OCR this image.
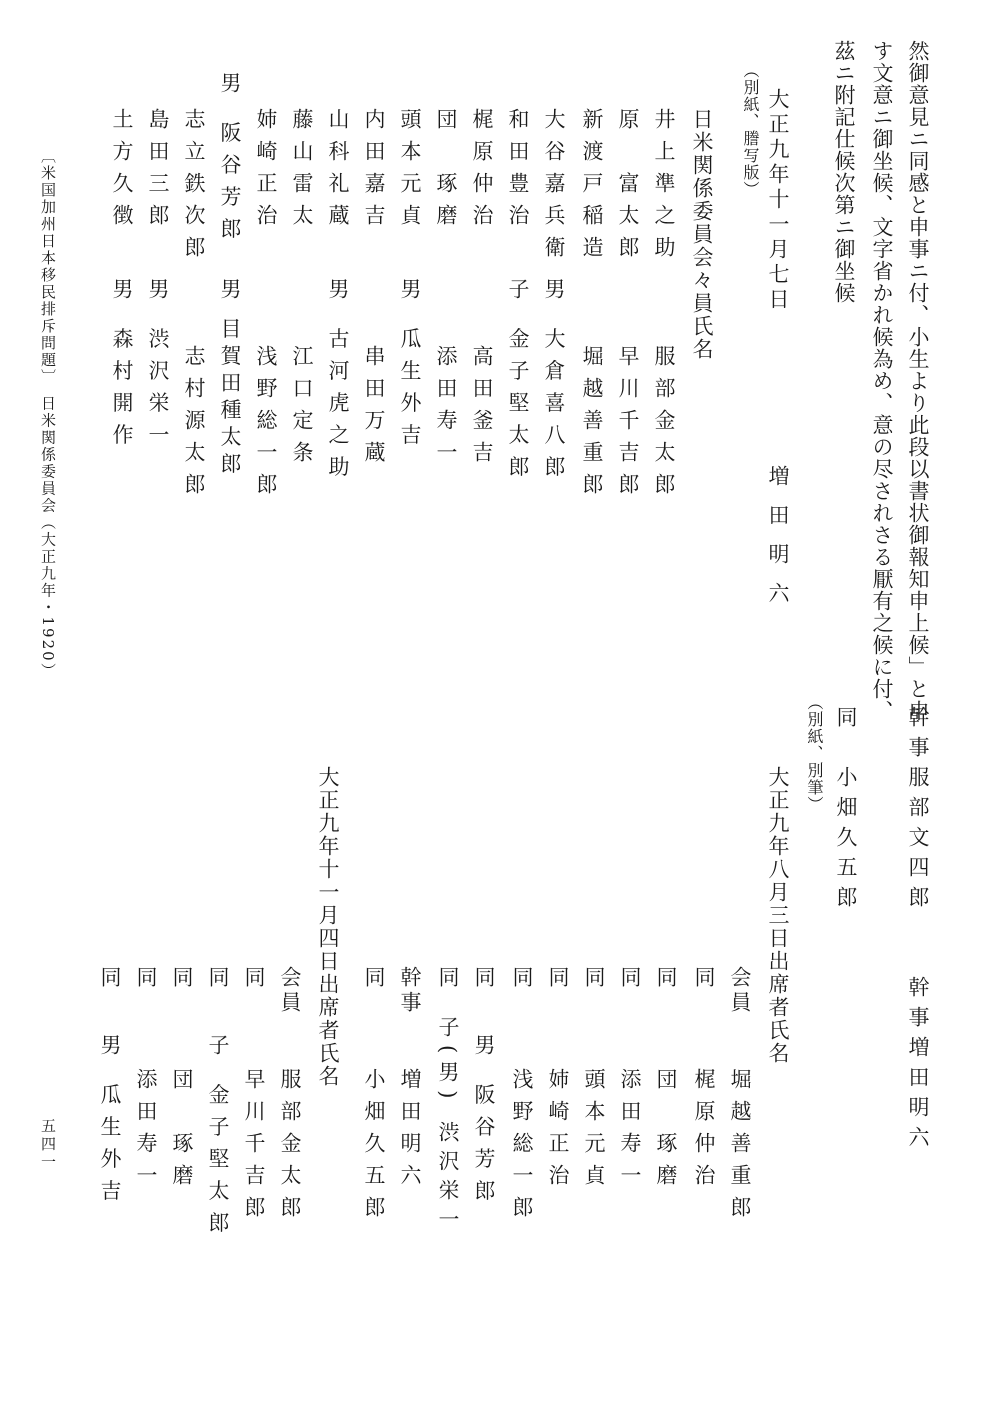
然御意見ニ同感と申事ニ付、小生より此段以書状御報知申上候」と申
す文意ニ御坐候、文字省かれ候為め、意の尽されさる厭有之候に付、
茲ニ附記仕候次第ニ御坐候
大正九年十一月七日
増田明六
（別紙、謄写版）
日米関係委員会々員氏名
井上準之助
服部金太郎
原　富太郎
早川千吉郎
新渡戸稲造
堀越善重郎
大谷嘉兵衛
男 大倉喜八郎
和田豊治
子 金子堅太郎
梶原仲治
高田釜吉
団　琢磨
添田寿一
頭本元貞
男 瓜生外吉
内田嘉吉
串田万蔵
山科礼蔵
男 古河虎之助
藤山雷太
江口定条
姉崎正治
浅野総一郎
男 阪谷芳郎
男 目賀田種太郎
志立鉄次郎
志村源太郎
島田三郎
男 渋沢栄一
土方久徴
男 森村開作
幹事服部文四郎　　幹事増田明六
同　小畑久五郎
（別紙、別筆）
大正九年八月三日出席者氏名
会員
堀越善重郎
同
梶原仲治
同
団　琢磨
同
添田寿一
同
頭本元貞
同
姉崎正治
同
浅野総一郎
同
男 阪谷芳郎
同
子(男) 渋沢栄一
幹事
増田明六
同
小畑久五郎
大正九年十一月四日出席者氏名
会員
服部金太郎
同
早川千吉郎
同
子 金子堅太郎
同
団　琢磨
同
添田寿一
同
男 瓜生外吉
〔米国加州日本移民排斥問題〕　日米関係委員会（大正九年・1920）
五四一
